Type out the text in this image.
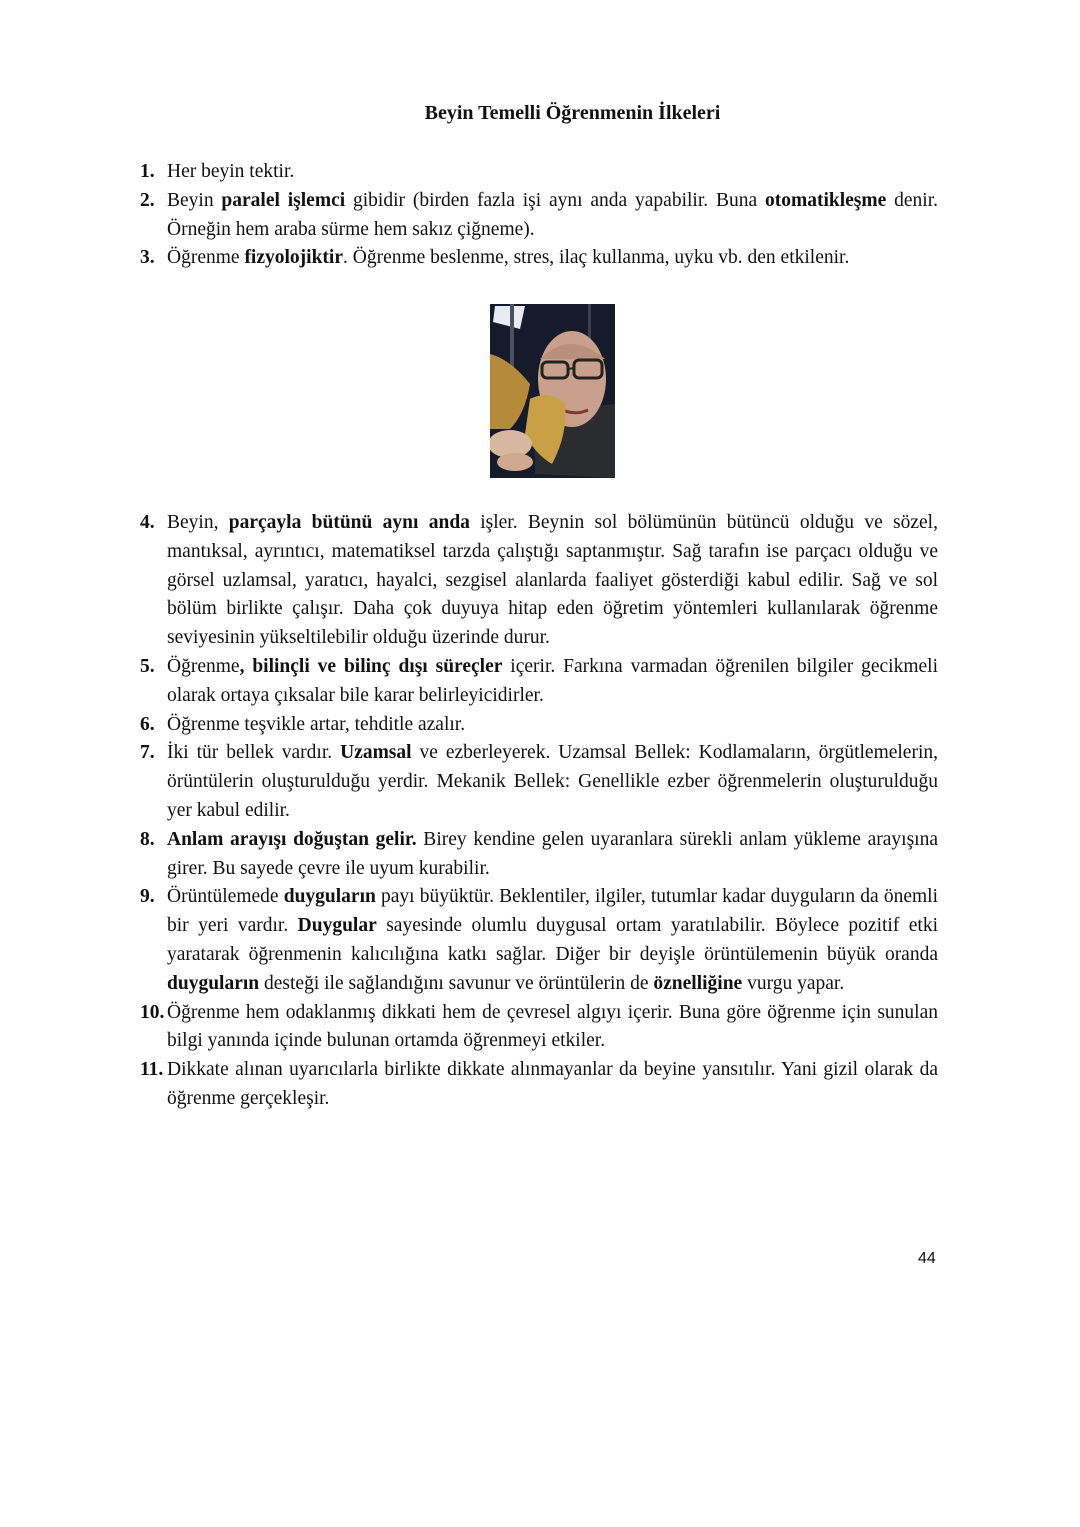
Beyin Temelli Öğrenmenin İlkeleri
1. Her beyin tektir.
2. Beyin paralel işlemci gibidir (birden fazla işi aynı anda yapabilir. Buna otomatikleşme denir. Örneğin hem araba sürme hem sakız çiğneme).
3. Öğrenme fizyolojiktir. Öğrenme beslenme, stres, ilaç kullanma, uyku vb. den etkilenir.
4. Beyin, parçayla bütünü aynı anda işler. Beynin sol bölümünün bütüncü olduğu ve sözel, mantıksal, ayrıntıcı, matematiksel tarzda çalıştığı saptanmıştır. Sağ tarafın ise parçacı olduğu ve görsel uzlamsal, yaratıcı, hayalci, sezgisel alanlarda faaliyet gösterdiği kabul edilir. Sağ ve sol bölüm birlikte çalışır. Daha çok duyuya hitap eden öğretim yöntemleri kullanılarak öğrenme seviyesinin yükseltilebilir olduğu üzerinde durur.
5. Öğrenme, bilinçli ve bilinç dışı süreçler içerir. Farkına varmadan öğrenilen bilgiler gecikmeli olarak ortaya çıksalar bile karar belirleyicidirler.
6. Öğrenme teşvikle artar, tehditle azalır.
7. İki tür bellek vardır. Uzamsal ve ezberleyerek. Uzamsal Bellek: Kodlamaların, örgütlemelerin, örüntülerin oluşturulduğu yerdir. Mekanik Bellek: Genellikle ezber öğrenmelerin oluşturulduğu yer kabul edilir.
8. Anlam arayışı doğuştan gelir. Birey kendine gelen uyaranlara sürekli anlam yükleme arayışına girer. Bu sayede çevre ile uyum kurabilir.
9. Örüntülemede duyguların payı büyüktür. Beklentiler, ilgiler, tutumlar kadar duyguların da önemli bir yeri vardır. Duygular sayesinde olumlu duygusal ortam yaratılabilir. Böylece pozitif etki yaratarak öğrenmenin kalıcılığına katkı sağlar. Diğer bir deyişle örüntülemenin büyük oranda duyguların desteği ile sağlandığını savunur ve örüntülerin de öznelliğine vurgu yapar.
10. Öğrenme hem odaklanmış dikkati hem de çevresel algıyı içerir. Buna göre öğrenme için sunulan bilgi yanında içinde bulunan ortamda öğrenmeyi etkiler.
11. Dikkate alınan uyarıcılarla birlikte dikkate alınmayanlar da beyine yansıtılır. Yani gizil olarak da öğrenme gerçekleşir.
44
